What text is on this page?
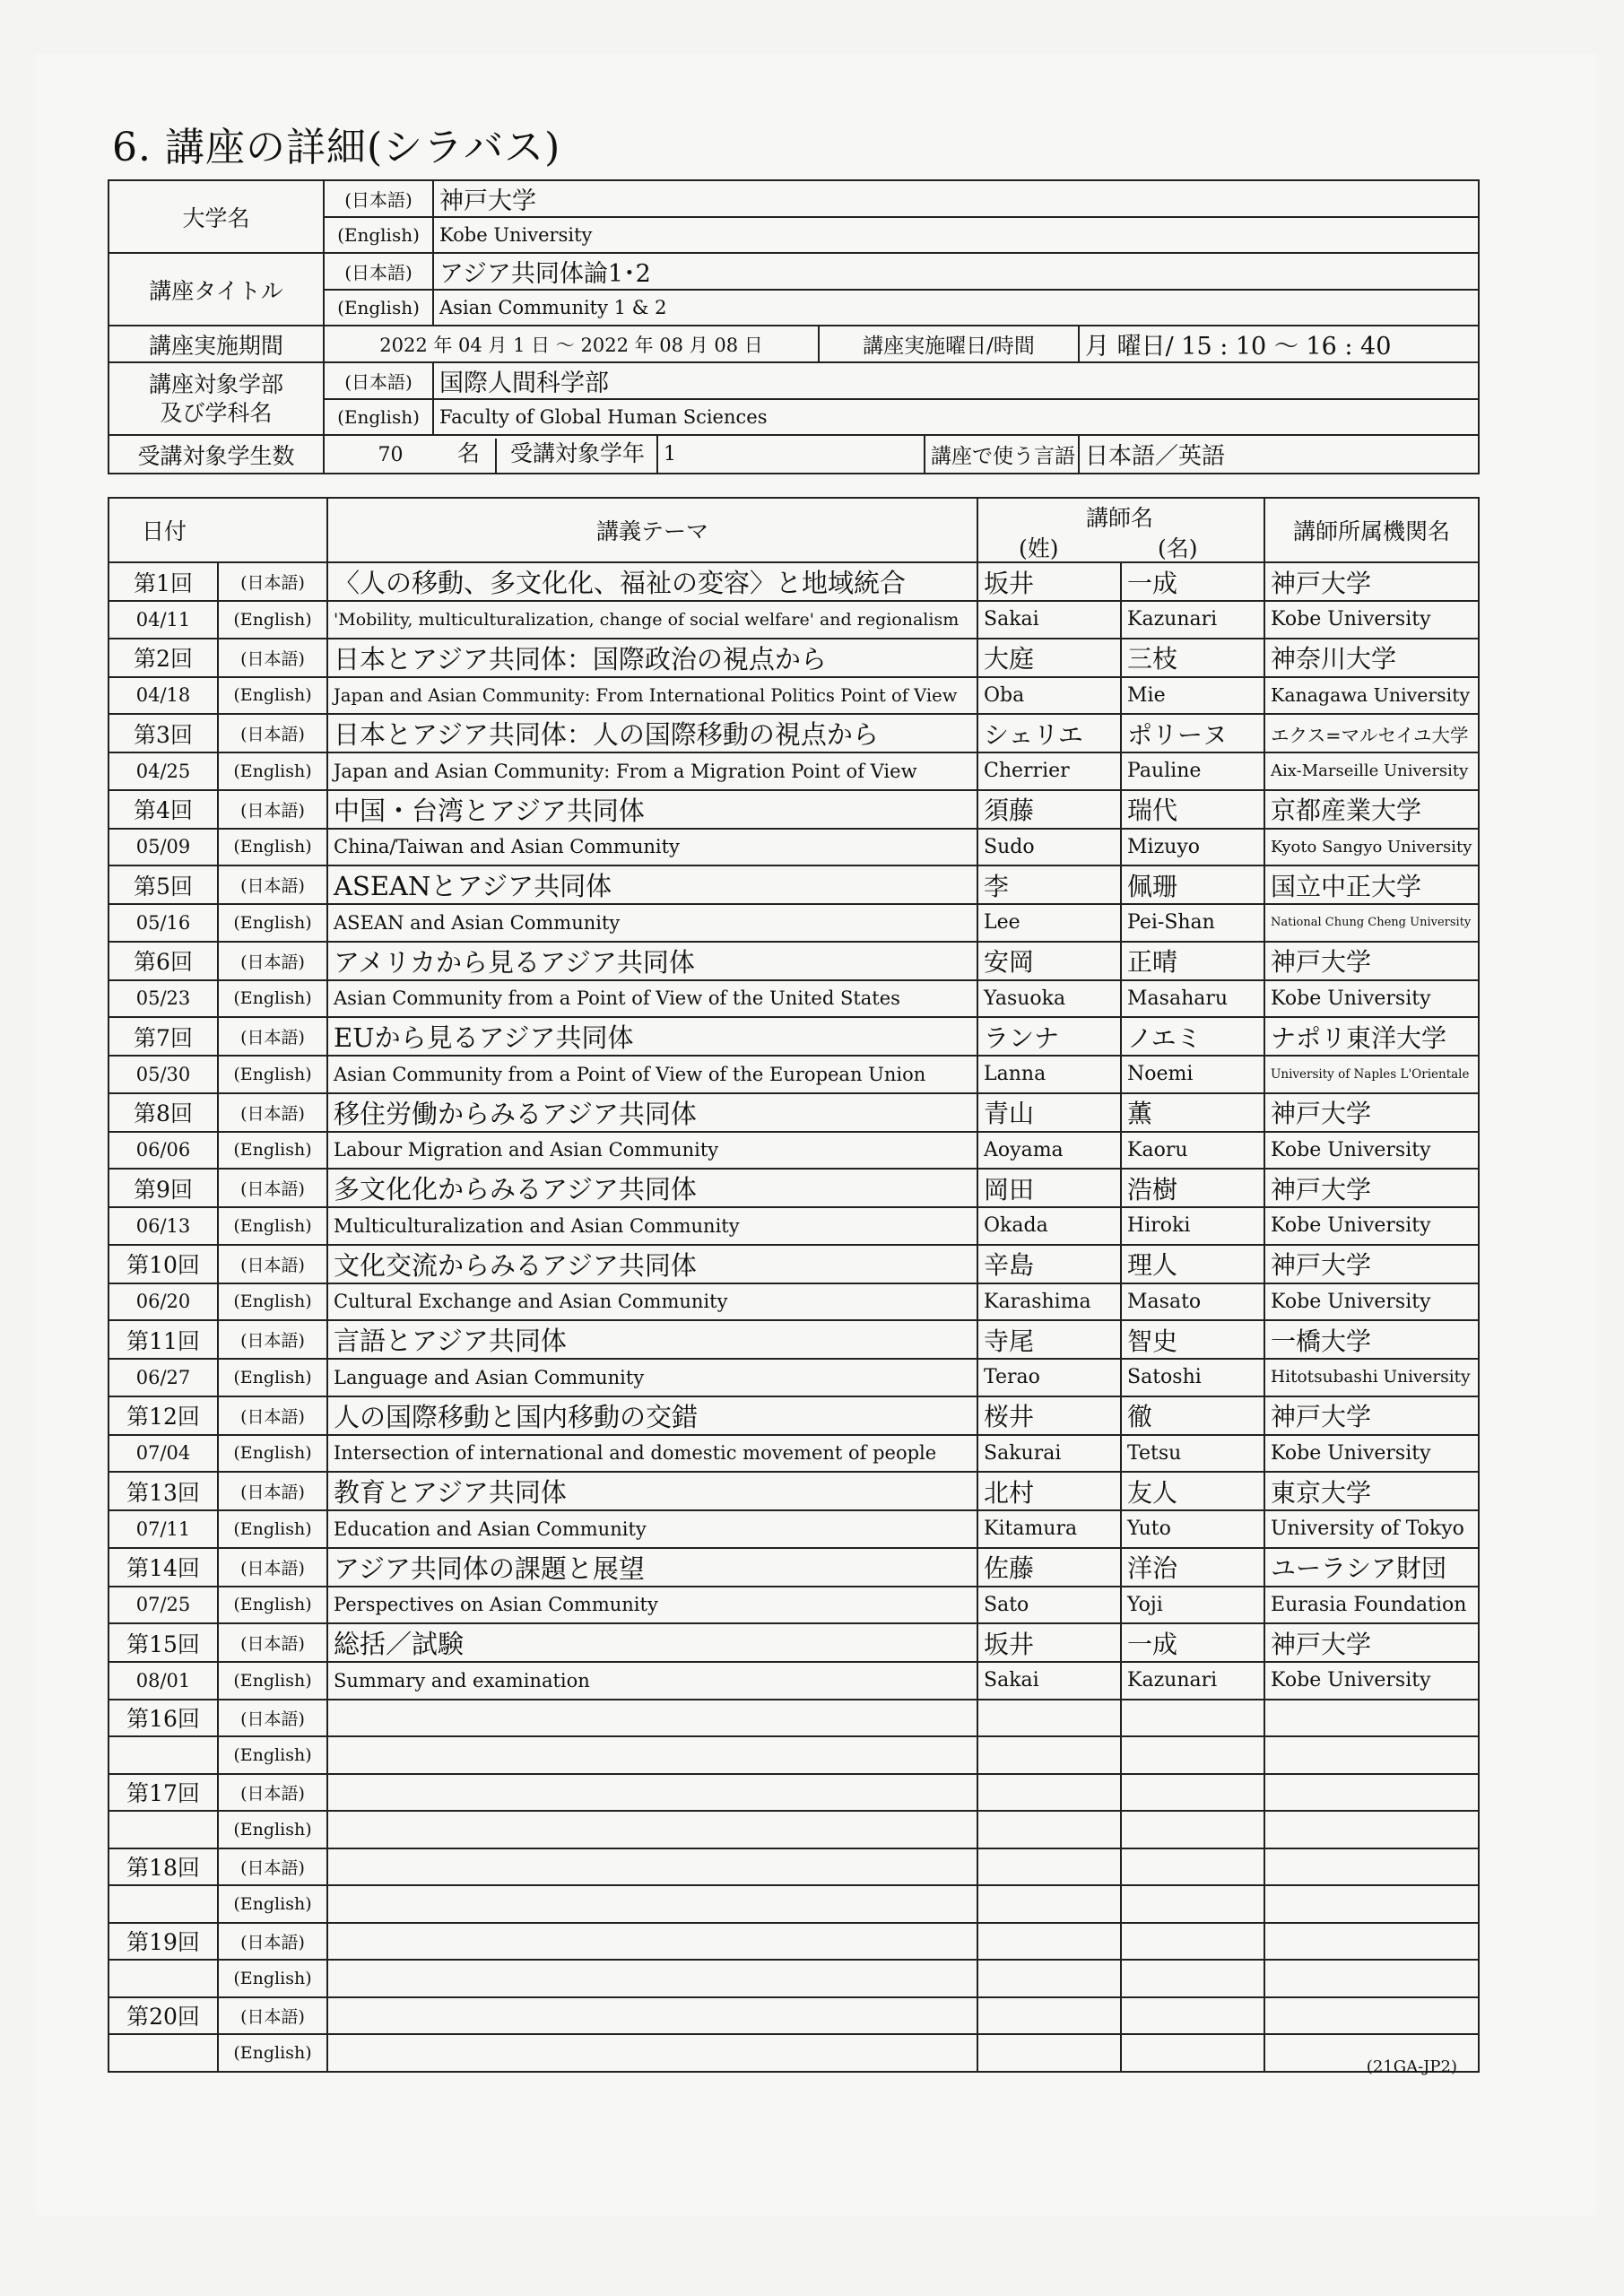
6. 講座の詳細(シラバス)
大学名	(日本語)	神戸大学				
	(English)	Kobe University				
講座タイトル	(日本語)	アジア共同体論1･2				
	(English)	Asian Community 1 & 2				
講座実施期間	2022 年 04 月 1 日 ～ 2022 年 08 月 08 日			講座実施曜日/時間		月 曜日/ 15 : 10 ～ 16 : 40

講座対象学部
及び学科名	(日本語)	国際人間科学部				
	(English)	Faculty of Global Human Sciences				
受講対象学生数	70 名 受講対象学年		1		講座で使う言語	日本語／英語
日付		講義テーマ	講師名
(姓) (名)		講師所属機関名
第1回	(日本語)	〈人の移動、多文化化、福祉の変容〉と地域統合	坂井	一成	神戸大学
04/11	(English)	'Mobility, multiculturalization, change of social welfare' and regionalism	Sakai	Kazunari	Kobe University
第2回	(日本語)	日本とアジア共同体：国際政治の視点から	大庭	三枝	神奈川大学
04/18	(English)	Japan and Asian Community: From International Politics Point of View	Oba	Mie	Kanagawa University
第3回	(日本語)	日本とアジア共同体：人の国際移動の視点から	シェリエ	ポリーヌ	エクス=マルセイユ大学
04/25	(English)	Japan and Asian Community: From a Migration Point of View	Cherrier	Pauline	Aix-Marseille University
第4回	(日本語)	中国・台湾とアジア共同体	須藤	瑞代	京都産業大学
05/09	(English)	China/Taiwan and Asian Community	Sudo	Mizuyo	Kyoto Sangyo University
第5回	(日本語)	ASEANとアジア共同体	李	佩珊	国立中正大学
05/16	(English)	ASEAN and Asian Community	Lee	Pei-Shan	National Chung Cheng University
第6回	(日本語)	アメリカから見るアジア共同体	安岡	正晴	神戸大学
05/23	(English)	Asian Community from a Point of View of the United States	Yasuoka	Masaharu	Kobe University
第7回	(日本語)	EUから見るアジア共同体	ランナ	ノエミ	ナポリ東洋大学
05/30	(English)	Asian Community from a Point of View of the European Union	Lanna	Noemi	University of Naples L'Orientale
第8回	(日本語)	移住労働からみるアジア共同体	青山	薫	神戸大学
06/06	(English)	Labour Migration and Asian Community	Aoyama	Kaoru	Kobe University
第9回	(日本語)	多文化化からみるアジア共同体	岡田	浩樹	神戸大学
06/13	(English)	Multiculturalization and Asian Community	Okada	Hiroki	Kobe University
第10回	(日本語)	文化交流からみるアジア共同体	辛島	理人	神戸大学
06/20	(English)	Cultural Exchange and Asian Community	Karashima	Masato	Kobe University
第11回	(日本語)	言語とアジア共同体	寺尾	智史	一橋大学
06/27	(English)	Language and Asian Community	Terao	Satoshi	Hitotsubashi University
第12回	(日本語)	人の国際移動と国内移動の交錯	桜井	徹	神戸大学
07/04	(English)	Intersection of international and domestic movement of people	Sakurai	Tetsu	Kobe University
第13回	(日本語)	教育とアジア共同体	北村	友人	東京大学
07/11	(English)	Education and Asian Community	Kitamura	Yuto	University of Tokyo
第14回	(日本語)	アジア共同体の課題と展望	佐藤	洋治	ユーラシア財団
07/25	(English)	Perspectives on Asian Community	Sato	Yoji	Eurasia Foundation
第15回	(日本語)	総括／試験	坂井	一成	神戸大学
08/01	(English)	Summary and examination	Sakai	Kazunari	Kobe University
第16回	(日本語)				
	(English)				
第17回	(日本語)				
	(English)				
第18回	(日本語)				
	(English)				
第19回	(日本語)				
	(English)				
第20回	(日本語)				
	(English)				
(21GA-JP2)
